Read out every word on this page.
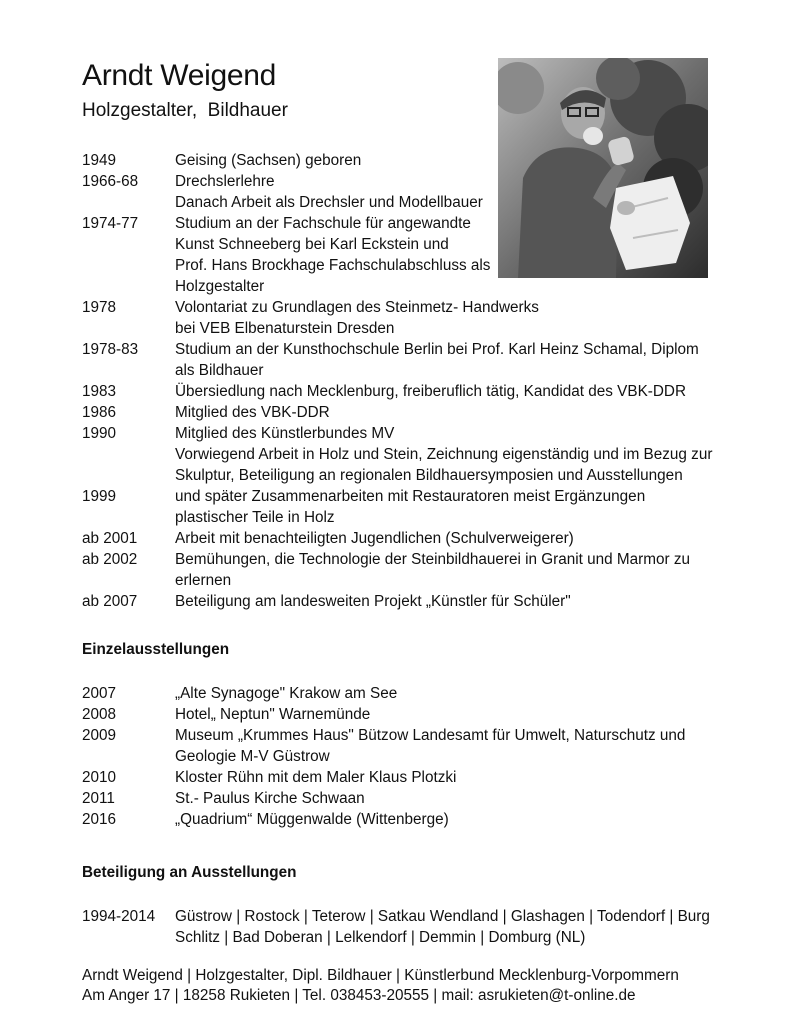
Arndt Weigend
Holzgestalter,  Bildhauer
1949	Geising (Sachsen) geboren
1966-68	Drechslerlehre
Danach Arbeit als Drechsler und Modellbauer
1974-77	Studium an der Fachschule für angewandte
Kunst Schneeberg bei Karl Eckstein und
Prof. Hans Brockhage Fachschulabschluss als
Holzgestalter
1978	Volontariat zu Grundlagen des Steinmetz- Handwerks
bei VEB Elbenaturstein Dresden
1978-83	Studium an der Kunsthochschule Berlin bei Prof. Karl Heinz Schamal, Diplom
als Bildhauer
1983	Übersiedlung nach Mecklenburg, freiberuflich tätig, Kandidat des VBK-DDR
1986	Mitglied des VBK-DDR
1990	Mitglied des Künstlerbundes MV
Vorwiegend Arbeit in Holz und Stein, Zeichnung eigenständig und im Bezug zur
Skulptur, Beteiligung an regionalen Bildhauersymposien und Ausstellungen
1999	und später Zusammenarbeiten mit Restauratoren meist Ergänzungen
plastischer Teile in Holz
ab 2001	Arbeit mit benachteiligten Jugendlichen (Schulverweigerer)
ab 2002	Bemühungen, die Technologie der Steinbildhauerei in Granit und Marmor zu
erlernen
ab 2007	Beteiligung am landesweiten Projekt „Künstler für Schüler"
Einzelausstellungen
2007	„Alte Synagoge" Krakow am See
2008	Hotel„ Neptun" Warnemünde
2009	Museum „Krummes Haus" Bützow Landesamt für Umwelt, Naturschutz und
Geologie M-V Güstrow
2010	Kloster Rühn mit dem Maler Klaus Plotzki
2011	St.- Paulus Kirche Schwaan
2016	„Quadrium“ Müggenwalde (Wittenberge)
Beteiligung an Ausstellungen
1994-2014	Güstrow | Rostock | Teterow | Satkau Wendland | Glashagen | Todendorf | Burg
Schlitz | Bad Doberan | Lelkendorf | Demmin | Domburg (NL)
Arndt Weigend | Holzgestalter, Dipl. Bildhauer | Künstlerbund Mecklenburg-Vorpommern
Am Anger 17 | 18258 Rukieten | Tel. 038453-20555 | mail: asrukieten@t-online.de
